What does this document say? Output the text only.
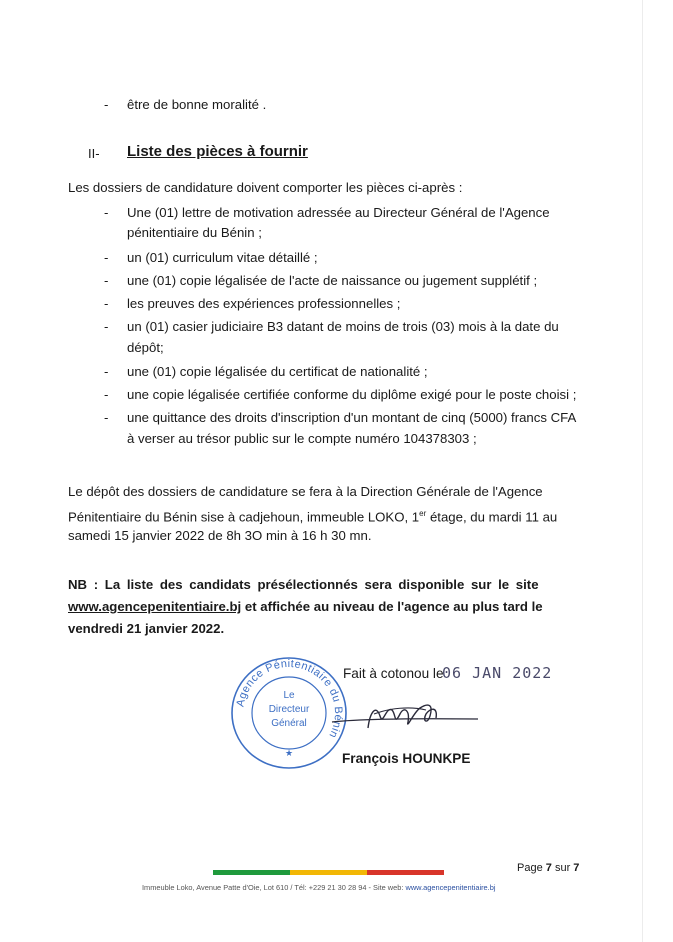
- être de bonne moralité .
II- Liste des pièces à fournir
Les dossiers de candidature doivent comporter les pièces ci-après :
- Une (01) lettre de motivation adressée au Directeur Général de l'Agence
pénitentiaire du Bénin ;
- un (01) curriculum vitae détaillé ;
- une (01) copie légalisée de l'acte de naissance ou jugement supplétif ;
- les preuves des expériences professionnelles ;
- un (01) casier judiciaire B3 datant de moins de trois (03) mois à la date du
dépôt;
- une (01) copie légalisée du certificat de nationalité ;
- une copie légalisée certifiée conforme du diplôme exigé pour le poste choisi ;
- une quittance des droits d'inscription d'un montant de cinq (5000) francs CFA
à verser au trésor public sur le compte numéro 104378303 ;
Le dépôt des dossiers de candidature se fera à la Direction Générale de l'Agence
Pénitentiaire du Bénin sise à cadjehoun, immeuble LOKO, 1er étage, du mardi 11 au
samedi 15 janvier 2022 de 8h 3O min à 16 h 30 mn.
NB : La liste des candidats présélectionnés sera disponible sur le site
www.agencepenitentiaire.bj et affichée au niveau de l'agence au plus tard le
vendredi 21 janvier 2022.
Fait à cotonou le
06 JAN 2022
Agence Pénitentiaire du Bénin
Le
Directeur
Général
★	François HOUNKPE
Page 7 sur 7
Immeuble Loko, Avenue Patte d'Oie, Lot 610 / Tél: +229 21 30 28 94 - Site web: www.agencepenitentiaire.bj
